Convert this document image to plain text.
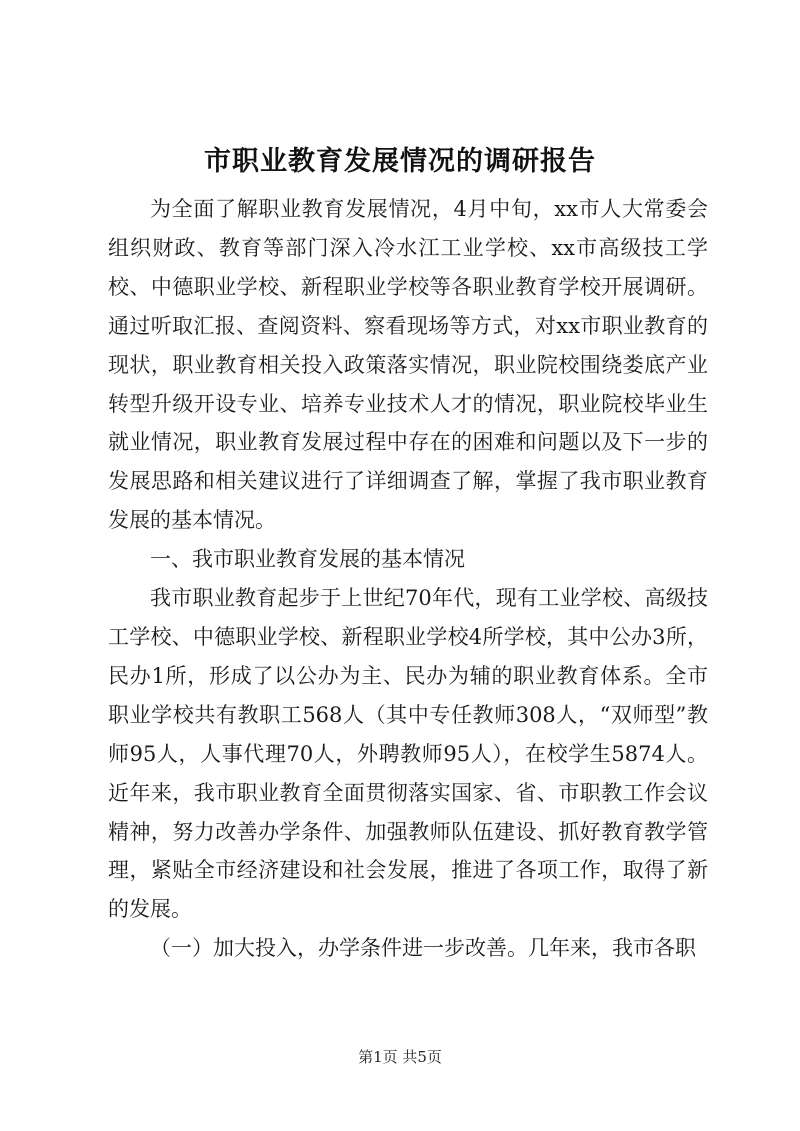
市职业教育发展情况的调研报告

为全面了解职业教育发展情况，4月中旬，xx市人大常委会组织财政、教育等部门深入冷水江工业学校、xx市高级技工学校、中德职业学校、新程职业学校等各职业教育学校开展调研。通过听取汇报、查阅资料、察看现场等方式，对xx市职业教育的现状，职业教育相关投入政策落实情况，职业院校围绕娄底产业转型升级开设专业、培养专业技术人才的情况，职业院校毕业生就业情况，职业教育发展过程中存在的困难和问题以及下一步的发展思路和相关建议进行了详细调查了解，掌握了我市职业教育发展的基本情况。

一、我市职业教育发展的基本情况

我市职业教育起步于上世纪70年代，现有工业学校、高级技工学校、中德职业学校、新程职业学校4所学校，其中公办3所，民办1所，形成了以公办为主、民办为辅的职业教育体系。全市职业学校共有教职工568人（其中专任教师308人，“双师型”教师95人，人事代理70人，外聘教师95人），在校学生5874人。近年来，我市职业教育全面贯彻落实国家、省、市职教工作会议精神，努力改善办学条件、加强教师队伍建设、抓好教育教学管理，紧贴全市经济建设和社会发展，推进了各项工作，取得了新的发展。

（一）加大投入，办学条件进一步改善。几年来，我市各职

第1页 共5页
